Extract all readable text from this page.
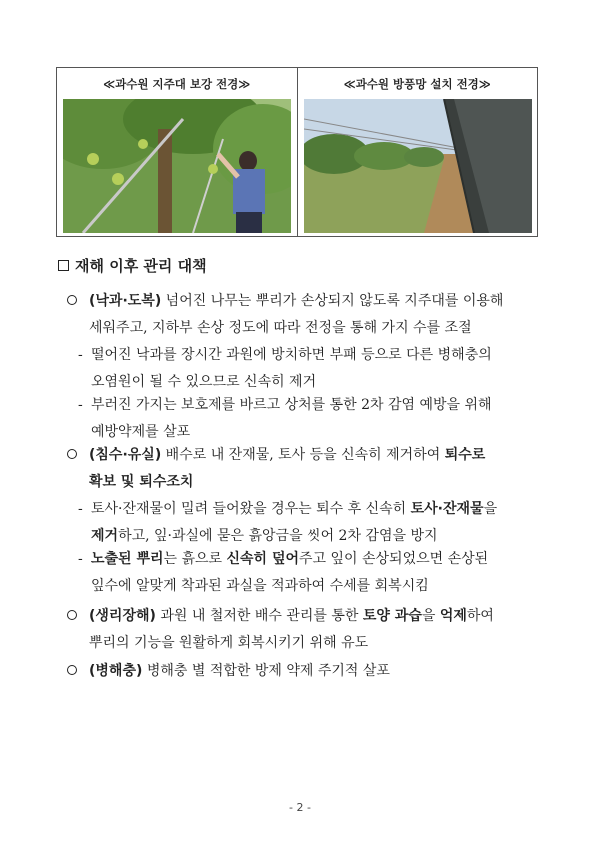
≪과수원 지주대 보강 전경≫	≪과수원 방풍망 설치 전경≫
재해 이후 관리 대책
(낙과·도복) 넘어진 나무는 뿌리가 손상되지 않도록 지주대를 이용해
세워주고, 지하부 손상 정도에 따라 전정을 통해 가지 수를 조절
- 떨어진 낙과를 장시간 과원에 방치하면 부패 등으로 다른 병해충의
오염원이 될 수 있으므로 신속히 제거
- 부러진 가지는 보호제를 바르고 상처를 통한 2차 감염 예방을 위해
예방약제를 살포
(침수·유실) 배수로 내 잔재물, 토사 등을 신속히 제거하여 퇴수로
확보 및 퇴수조치
- 토사·잔재물이 밀려 들어왔을 경우는 퇴수 후 신속히 토사·잔재물을
제거하고, 잎·과실에 묻은 흙앙금을 씻어 2차 감염을 방지
- 노출된 뿌리는 흙으로 신속히 덮어주고 잎이 손상되었으면 손상된
잎수에 알맞게 착과된 과실을 적과하여 수세를 회복시킴
(생리장해) 과원 내 철저한 배수 관리를 통한 토양 과습을 억제하여
뿌리의 기능을 원활하게 회복시키기 위해 유도
(병해충) 병해충 별 적합한 방제 약제 주기적 살포
- 2 -
